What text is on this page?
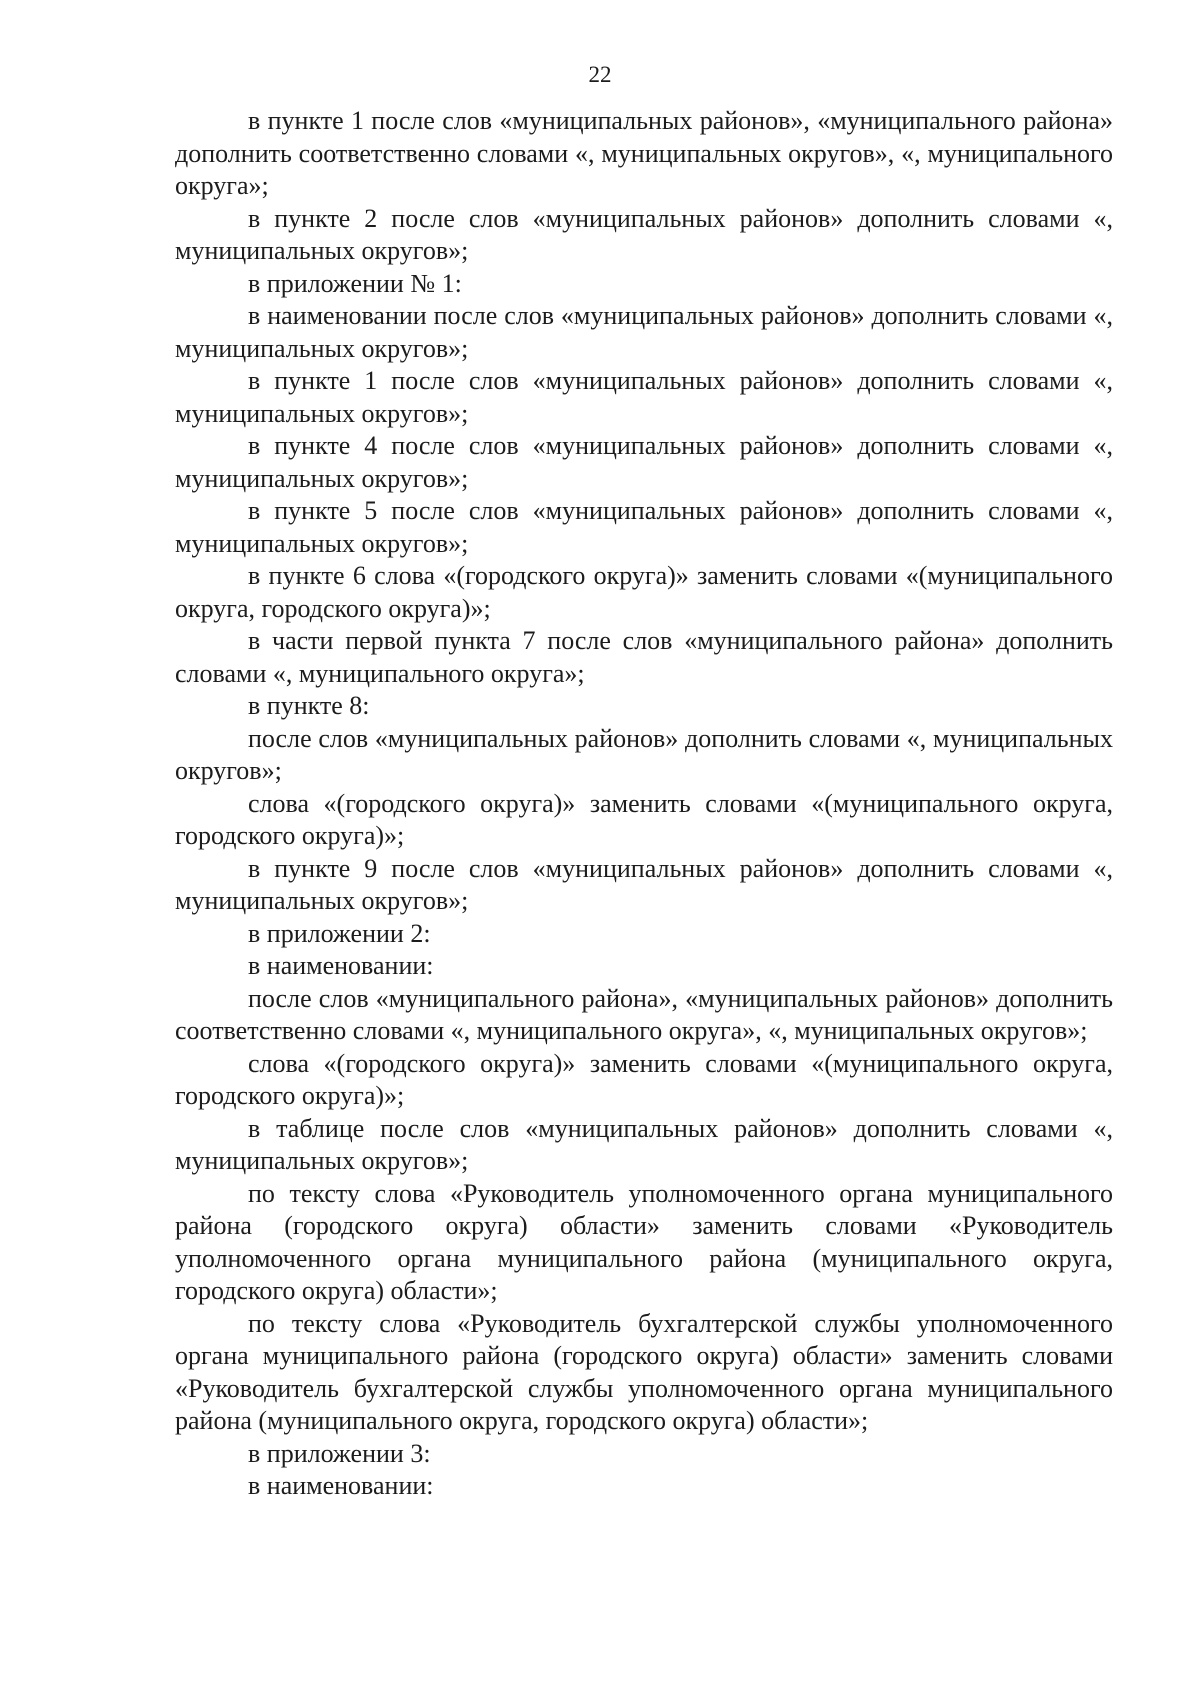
22

в пункте 1 после слов «муниципальных районов», «муниципального района» дополнить соответственно словами «, муниципальных округов», «, муниципального округа»;

в пункте 2 после слов «муниципальных районов» дополнить словами «, муниципальных округов»;

в приложении № 1:

в наименовании после слов «муниципальных районов» дополнить словами «, муниципальных округов»;

в пункте 1 после слов «муниципальных районов» дополнить словами «, муниципальных округов»;

в пункте 4 после слов «муниципальных районов» дополнить словами «, муниципальных округов»;

в пункте 5 после слов «муниципальных районов» дополнить словами «, муниципальных округов»;

в пункте 6 слова «(городского округа)» заменить словами «(муниципального округа, городского округа)»;

в части первой пункта 7 после слов «муниципального района» дополнить словами «, муниципального округа»;

в пункте 8:

после слов «муниципальных районов» дополнить словами «, муниципальных округов»;

слова «(городского округа)» заменить словами «(муниципального округа, городского округа)»;

в пункте 9 после слов «муниципальных районов» дополнить словами «, муниципальных округов»;

в приложении 2:

в наименовании:

после слов «муниципального района», «муниципальных районов» дополнить соответственно словами «, муниципального округа», «, муниципальных округов»;

слова «(городского округа)» заменить словами «(муниципального округа, городского округа)»;

в таблице после слов «муниципальных районов» дополнить словами «, муниципальных округов»;

по тексту слова «Руководитель уполномоченного органа муниципального района (городского округа) области» заменить словами «Руководитель уполномоченного органа муниципального района (муниципального округа, городского округа) области»;

по тексту слова «Руководитель бухгалтерской службы уполномоченного органа муниципального района (городского округа) области» заменить словами «Руководитель бухгалтерской службы уполномоченного органа муниципального района (муниципального округа, городского округа) области»;

в приложении 3:

в наименовании:
